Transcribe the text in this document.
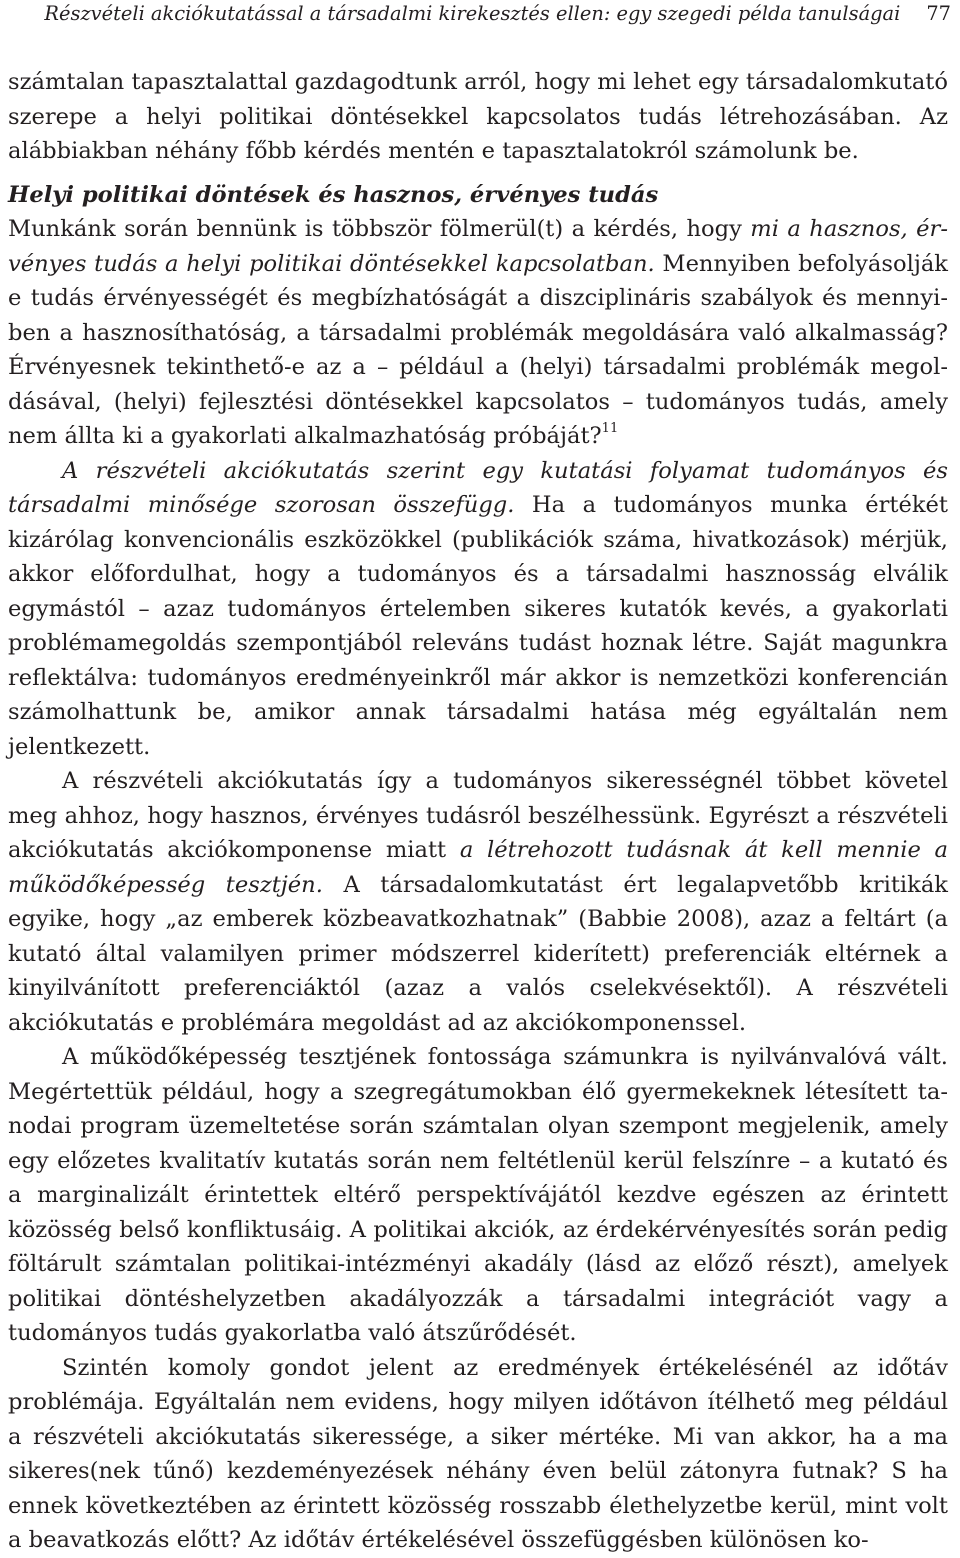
Részvételi akciókutatással a társadalmi kirekesztés ellen: egy szegedi példa tanulságai 77

számtalan tapasztalattal gazdagodtunk arról, hogy mi lehet egy társadalomkutató szerepe a helyi politikai döntésekkel kapcsolatos tudás létrehozásában. Az alábbiakban néhány főbb kérdés mentén e tapasztalatokról számolunk be.

Helyi politikai döntések és hasznos, érvényes tudás

Munkánk során bennünk is többször fölmerül(t) a kérdés, hogy mi a hasznos, érvényes tudás a helyi politikai döntésekkel kapcsolatban. Mennyiben befolyásolják e tudás érvényességét és megbízhatóságát a diszciplináris szabályok és mennyiben a hasznosíthatóság, a társadalmi problémák megoldására való alkalmasság? Érvényesnek tekinthető-e az a – például a (helyi) társadalmi problémák megoldásával, (helyi) fejlesztési döntésekkel kapcsolatos – tudományos tudás, amely nem állta ki a gyakorlati alkalmazhatóság próbáját?$^{11}$

A részvételi akciókutatás szerint egy kutatási folyamat tudományos és társadalmi minősége szorosan összefügg. Ha a tudományos munka értékét kizárólag konvencionális eszközökkel (publikációk száma, hivatkozások) mérjük, akkor előfordulhat, hogy a tudományos és a társadalmi hasznosság elválik egymástól – azaz tudományos értelemben sikeres kutatók kevés, a gyakorlati problémamegoldás szempontjából releváns tudást hoznak létre. Saját magunkra reflektálva: tudományos eredményeinkről már akkor is nemzetközi konferencián számolhattunk be, amikor annak társadalmi hatása még egyáltalán nem jelentkezett.

A részvételi akciókutatás így a tudományos sikerességnél többet követel meg ahhoz, hogy hasznos, érvényes tudásról beszélhessünk. Egyrészt a részvételi akciókutatás akciókomponense miatt a létrehozott tudásnak át kell mennie a működőképesség tesztjén. A társadalomkutatást ért legalapvetőbb kritikák egyike, hogy „az emberek közbeavatkozhatnak” (Babbie 2008), azaz a feltárt (a kutató által valamilyen primer módszerrel kiderített) preferenciák eltérnek a kinyilvánított preferenciáktól (azaz a valós cselekvésektől). A részvételi akciókutatás e problémára megoldást ad az akciókomponenssel.

A működőképesség tesztjének fontossága számunkra is nyilvánvalóvá vált. Megértettük például, hogy a szegregátumokban élő gyermekeknek létesített tanodai program üzemeltetése során számtalan olyan szempont megjelenik, amely egy előzetes kvalitatív kutatás során nem feltétlenül kerül felszínre – a kutató és a marginalizált érintettek eltérő perspektívájától kezdve egészen az érintett közösség belső konfliktusáig. A politikai akciók, az érdekérvényesítés során pedig föltárult számtalan politikai-intézményi akadály (lásd az előző részt), amelyek politikai döntéshelyzetben akadályozzák a társadalmi integrációt vagy a tudományos tudás gyakorlatba való átszűrődését.

Szintén komoly gondot jelent az eredmények értékelésénél az időtáv problémája. Egyáltalán nem evidens, hogy milyen időtávon ítélhető meg például a részvételi akciókutatás sikeressége, a siker mértéke. Mi van akkor, ha a ma sikeres(nek tűnő) kezdeményezések néhány éven belül zátonyra futnak? S ha ennek következtében az érintett közösség rosszabb élethelyzetbe kerül, mint volt a beavatkozás előtt? Az időtáv értékelésével összefüggésben különösen ko-
